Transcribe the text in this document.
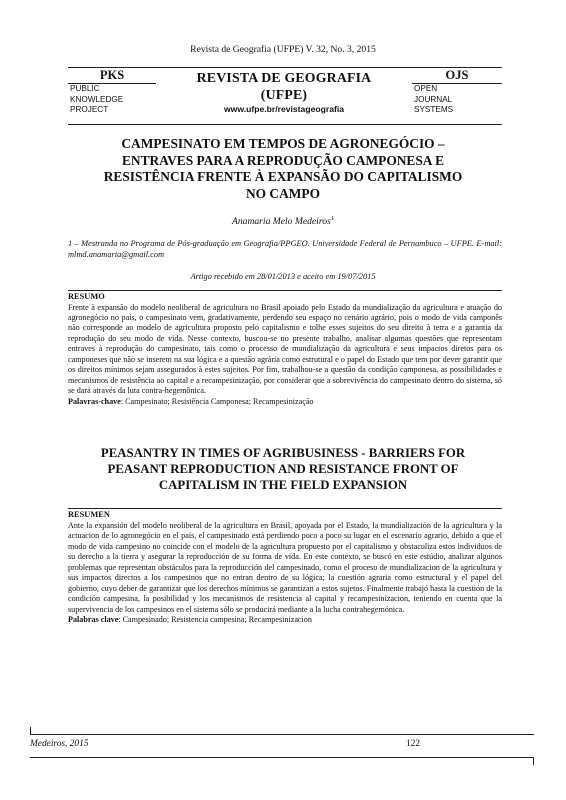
Revista de Geografia (UFPE) V. 32, No. 3, 2015
PKS
PUBLIC
KNOWLEDGE
PROJECT
REVISTA DE GEOGRAFIA
(UFPE)
www.ufpe.br/revistageografia
OJS
OPEN
JOURNAL
SYSTEMS
CAMPESINATO EM TEMPOS DE AGRONEGÓCIO –
ENTRAVES PARA A REPRODUÇÃO CAMPONESA E
RESISTÊNCIA FRENTE À EXPANSÃO DO CAPITALISMO
NO CAMPO
Anamaria Melo Medeiros$^1$
1 – Mestranda no Programa de Pós-graduação em Geografia/PPGEO. Universidade Federal de Pernambuco – UFPE. E-mail: mlmd.anamaria@gmail.com
Artigo recebido em 28/01/2013 e aceito em 19/07/2015
RESUMO

Frente à expansão do modelo neoliberal de agricultura no Brasil apoiado pelo Estado da mundialização da agricultura e atuação do agronegócio no país, o campesinato vem, gradativamente, perdendo seu espaço no cenário agrário, pois o modo de vida camponês não corresponde ao modelo de agricultura proposto pelo capitalismo e tolhe esses sujeitos do seu direito à terra e a garantia da reprodução do seu modo de vida. Nesse contexto, buscou-se no presente trabalho, analisar algumas questões que representam entraves à reprodução do campesinato, tais como o processo de mundialização da agricultura e seus impactos diretos para os camponeses que não se inserem na sua lógica e a questão agrária como estrutural e o papel do Estado que tem por dever garantir que os direitos mínimos sejam assegurados à estes sujeitos. Por fim, trabalhou-se a questão da condição camponesa, as possibilidades e mecanismos de resistência ao capital e a recampesinização, por considerar que a sobrevivência do campesinato dentro do sistema, só se dará através da luta contra-hegemônica.

Palavras-chave: Campesinato; Resistência Camponesa; Recampesinização
PEASANTRY IN TIMES OF AGRIBUSINESS - BARRIERS FOR
PEASANT REPRODUCTION AND RESISTANCE FRONT OF
CAPITALISM IN THE FIELD EXPANSION
RESUMEN

Ante la expansión del modelo neoliberal de la agricultura en Brasil, apoyada por el Estado, la mundialización de la agricultura y la actuacion de lo agronegócio en el país, el campesinado está perdiendo poco a poco su lugar en el escenario agrario, debido a que el modo de vida campesino no coincide con el modelo de la agricultura propuesto por el capitalismo y obstaculiza estos individuos de su derecho a la tierra y asegurar la reproducción de su forma de vida. En este contexto, se buscó en este estúdio, analizar algunos problemas que representan obstáculos para la reproducción del campesinado, como el proceso de mundializacion de la agricultura y sus impactos directos a los campesinos que no entran dentro de su lógica; la cuestión agraria como estructural y el papel del gobierno, cuyo deber de garantizar que los derechos mínimos se garantizan a estos sujetos. Finalmente trabajó hasta la cuestión de la condición campesina, la posibilidad y los mecanismos de resistencia al capital y recampesinizacion, teniendo en cuenta que la supervivencia de los campesinos en el sistema sólo se producirá mediante a la lucha contrahegemónica.

Palabras clave: Campesinado; Resistencia campesina; Recampesinizacion
Medeiros, 2015	122
